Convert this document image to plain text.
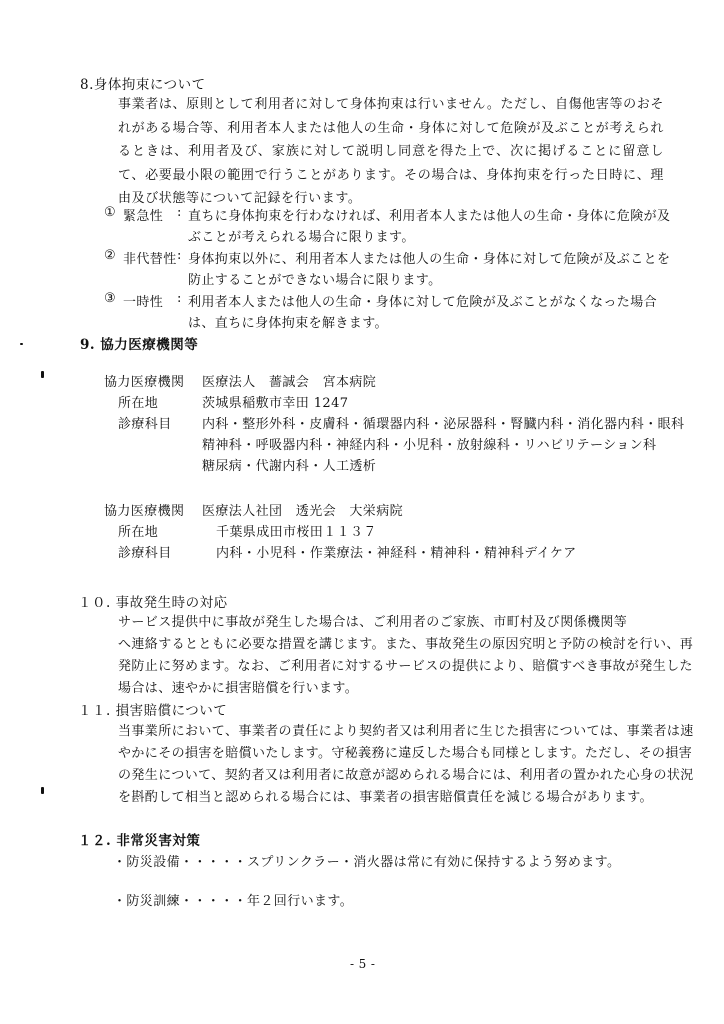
8.身体拘束について
事業者は、原則として利用者に対して身体拘束は行いません。ただし、自傷他害等のおそれがある場合等、利用者本人または他人の生命・身体に対して危険が及ぶことが考えられるときは、利用者及び、家族に対して説明し同意を得た上で、次に掲げることに留意して、必要最小限の範囲で行うことがあります。その場合は、身体拘束を行った日時に、理由及び状態等について記録を行います。
① 緊急性 : 直ちに身体拘束を行わなければ、利用者本人または他人の生命・身体に危険が及
ぶことが考えられる場合に限ります。
② 非代替性 : 身体拘束以外に、利用者本人または他人の生命・身体に対して危険が及ぶことを
防止することができない場合に限ります。
③ 一時性 : 利用者本人または他人の生命・身体に対して危険が及ぶことがなくなった場合
は、直ちに身体拘束を解きます。
9. 協力医療機関等
協力医療機関 医療法人　薔誠会　宮本病院
所在地	茨城県稲敷市幸田 1247
診療科目 内科・整形外科・皮膚科・循環器内科・泌尿器科・腎臓内科・消化器内科・眼科
精神科・呼吸器内科・神経内科・小児科・放射線科・リハビリテーション科
糖尿病・代謝内科・人工透析
協力医療機関 医療法人社団　透光会　大栄病院
所在地	千葉県成田市桜田１１３７
診療科目	内科・小児科・作業療法・神経科・精神科・精神科デイケア
１０. 事故発生時の対応
サービス提供中に事故が発生した場合は、ご利用者のご家族、市町村及び関係機関等
へ連絡するとともに必要な措置を講じます。また、事故発生の原因究明と予防の検討を行い、再
発防止に努めます。なお、ご利用者に対するサービスの提供により、賠償すべき事故が発生した
場合は、速やかに損害賠償を行います。
１１. 損害賠償について
当事業所において、事業者の責任により契約者又は利用者に生じた損害については、事業者は速
やかにその損害を賠償いたします。守秘義務に違反した場合も同様とします。ただし、その損害
の発生について、契約者又は利用者に故意が認められる場合には、利用者の置かれた心身の状況
を斟酌して相当と認められる場合には、事業者の損害賠償責任を減じる場合があります。
１２. 非常災害対策
・防災設備・・・・・スプリンクラー・消火器は常に有効に保持するよう努めます。
・防災訓練・・・・・年２回行います。
- 5 -
